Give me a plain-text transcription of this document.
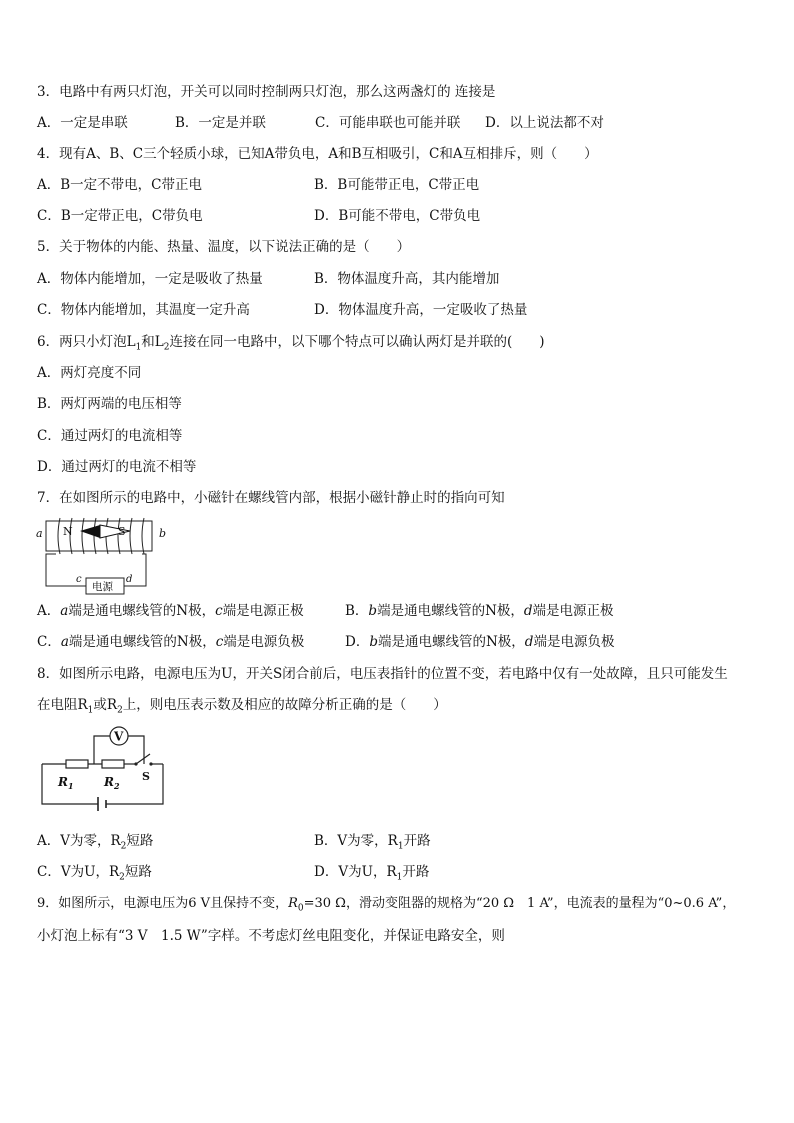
3．电路中有两只灯泡，开关可以同时控制两只灯泡，那么这两盏灯的 连接是
A．一定是串联	B．一定是并联	C．可能串联也可能并联 D．以上说法都不对
4．现有A、B、C三个轻质小球，已知A带负电，A和B互相吸引，C和A互相排斥，则（　　）
A．B一定不带电，C带正电	B．B可能带正电，C带正电
C．B一定带正电，C带负电	D．B可能不带电，C带负电
5．关于物体的内能、热量、温度，以下说法正确的是（　　）
A．物体内能增加，一定是吸收了热量	B．物体温度升高，其内能增加
C．物体内能增加，其温度一定升高	D．物体温度升高，一定吸收了热量
6．两只小灯泡$L_1$和$L_2$连接在同一电路中，以下哪个特点可以确认两灯是并联的(　　)
A．两灯亮度不同
B．两灯两端的电压相等
C．通过两灯的电流相等
D．通过两灯的电流不相等
7．在如图所示的电路中，小磁针在螺线管内部，根据小磁针静止时的指向可知
a	b
N	S
电源
c	d
A．a端是通电螺线管的N极，c端是电源正极	B．b端是通电螺线管的N极，d端是电源正极
C．a端是通电螺线管的N极，c端是电源负极	D．b端是通电螺线管的N极，d端是电源负极
8．如图所示电路，电源电压为U，开关S闭合前后，电压表指针的位置不变，若电路中仅有一处故障，且只可能发生
在电阻$R_1$或$R_2$上，则电压表示数及相应的故障分析正确的是（　　）
V
$R_1$	$R_2$
S
A．V为零，$R_2$短路	B．V为零，$R_1$开路
C．V为U，$R_2$短路	D．V为U，$R_1$开路
9．如图所示，电源电压为6 V且保持不变，$R_0=30$ Ω，滑动变阻器的规格为“20 Ω　1 A”，电流表的量程为“0~0.6 A”，
小灯泡上标有“3 V　1.5 W”字样。不考虑灯丝电阻变化，并保证电路安全，则
